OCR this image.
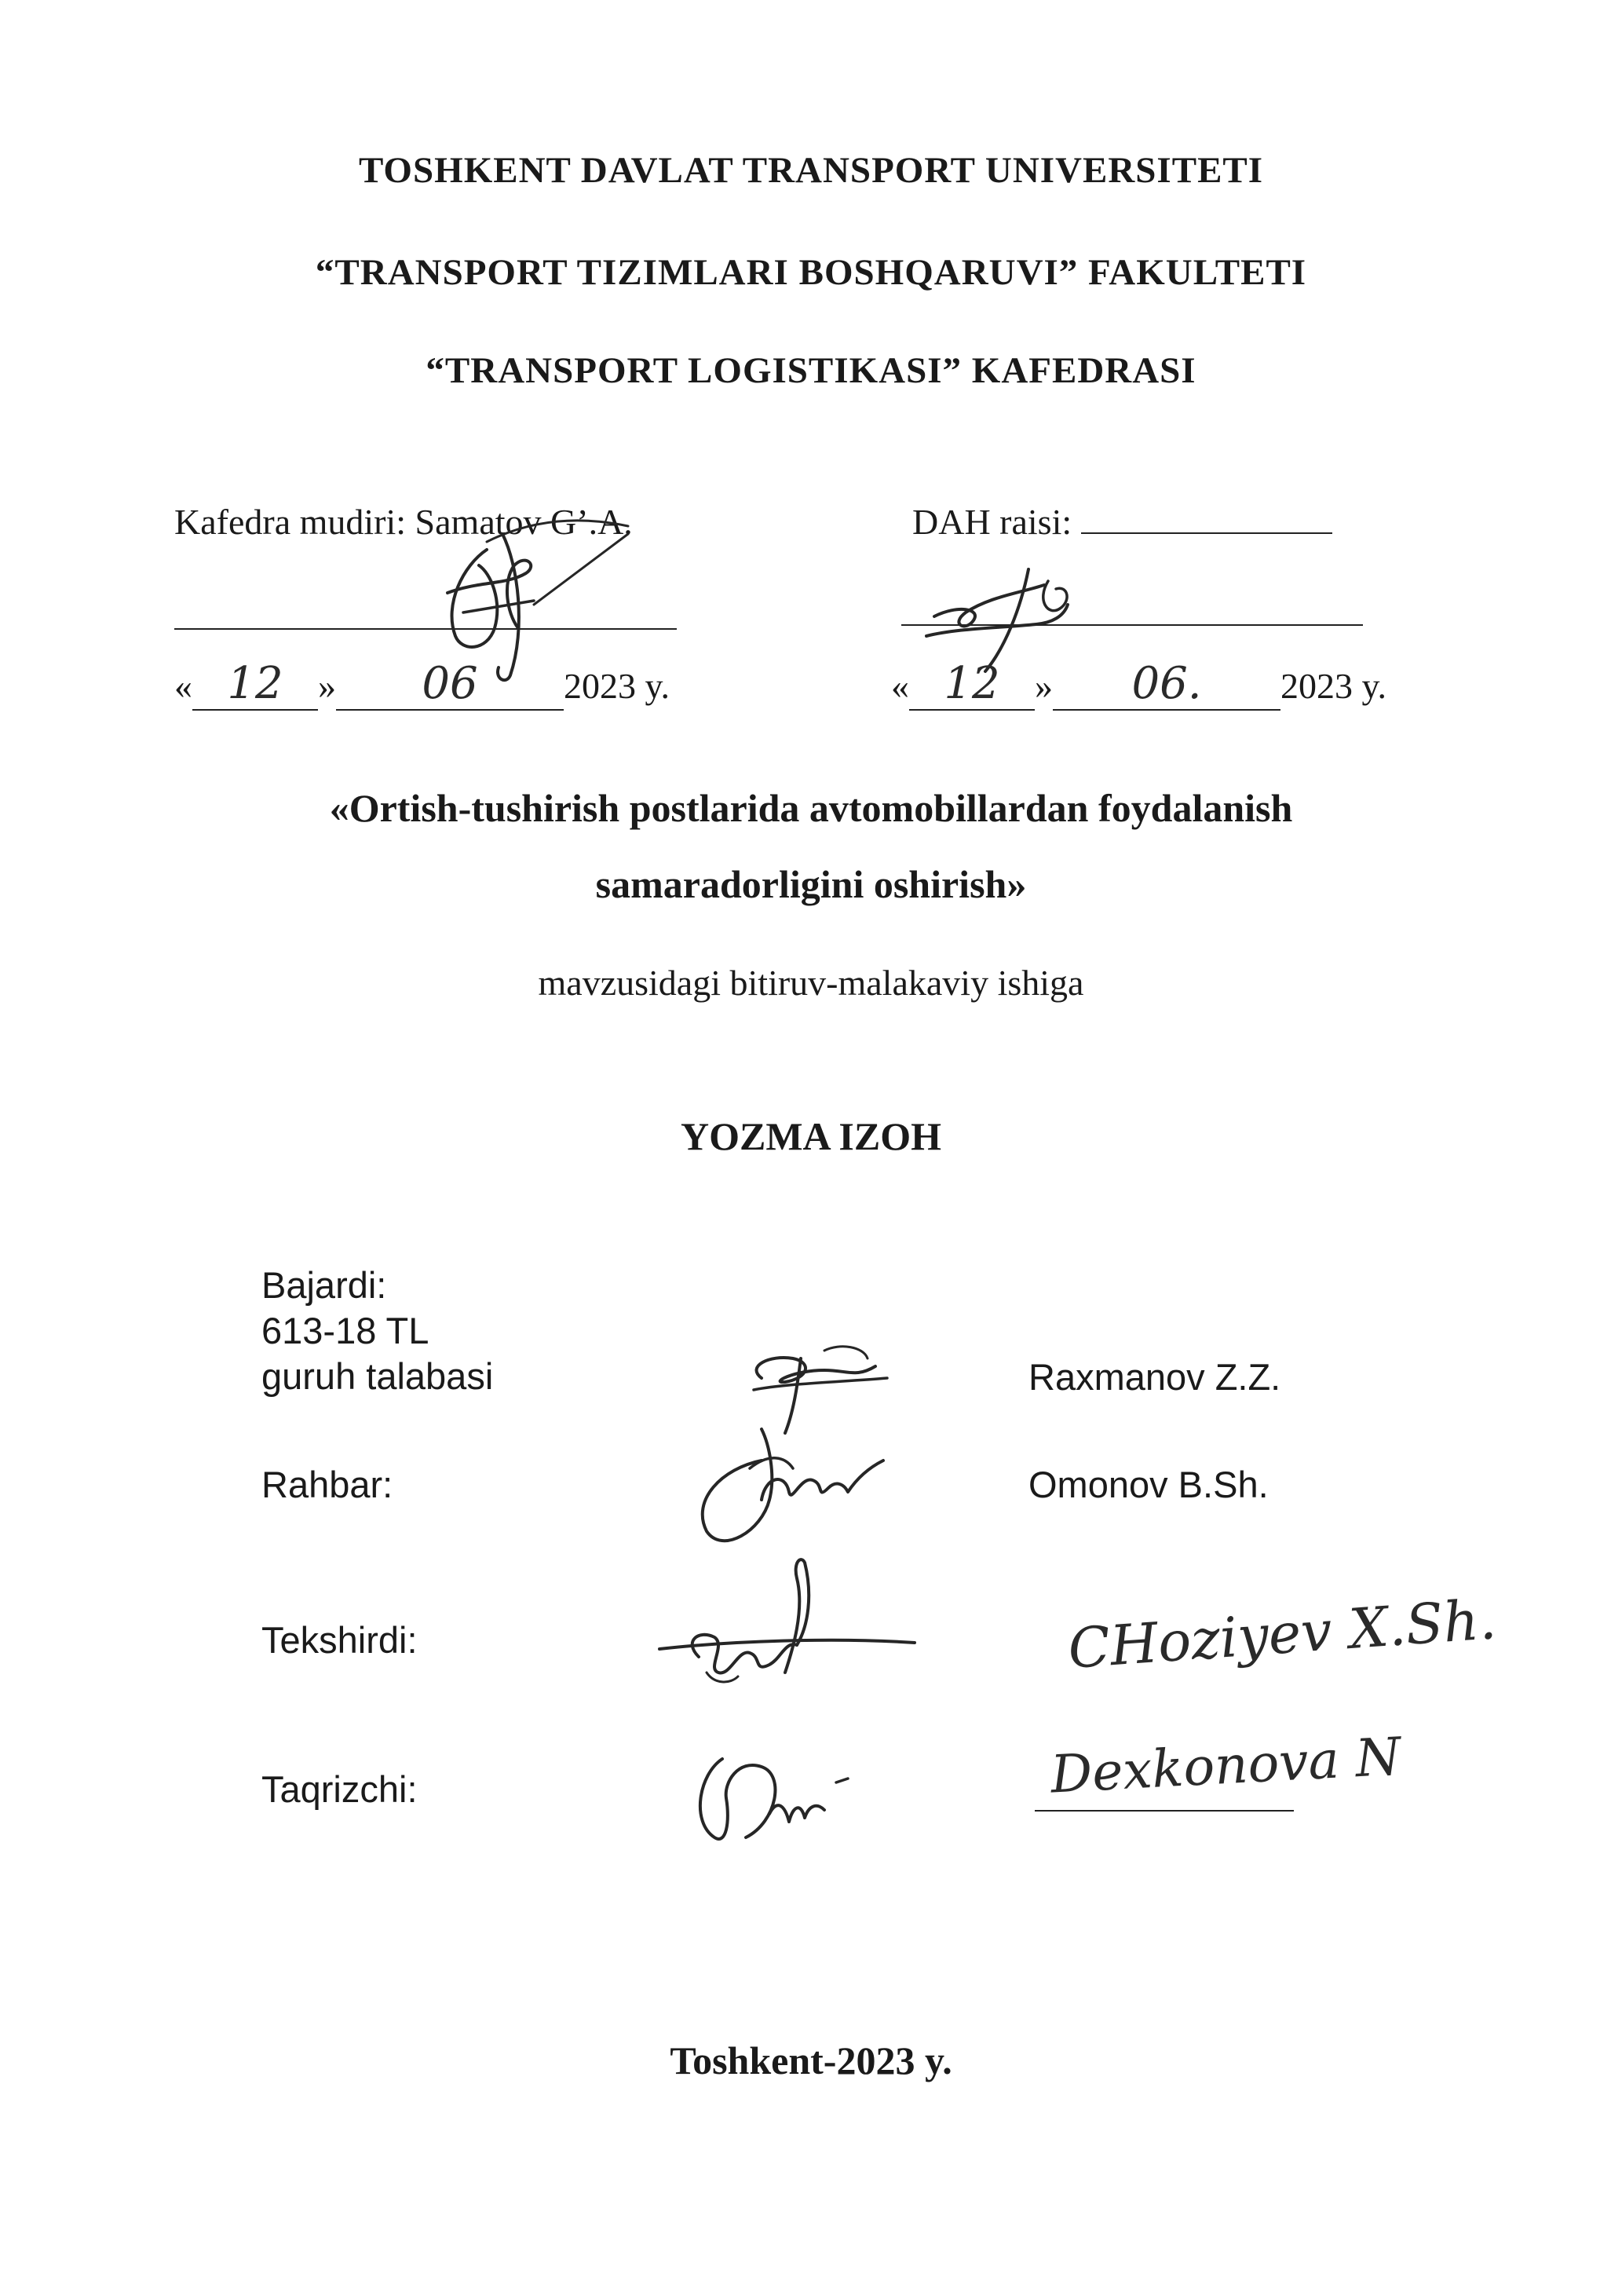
TOSHKENT DAVLAT TRANSPORT UNIVERSITETI
“TRANSPORT TIZIMLARI BOSHQARUVI” FAKULTETI
“TRANSPORT LOGISTIKASI” KAFEDRASI
Kafedra mudiri: Samatov G’.A.
« 12 » 06 2023 y.
DAH raisi:
« 12 » 06. 2023 y.
«Ortish-tushirish postlarida avtomobillardan foydalanish
samaradorligini oshirish»
mavzusidagi bitiruv-malakaviy ishiga
YOZMA IZOH
Bajardi:
613-18 TL
guruh talabasi	Raxmanov Z.Z.
Rahbar:	Omonov B.Sh.
Tekshirdi:	CHoziyev X.Sh.
Taqrizchi:	Dexkonova N
Toshkent-2023 y.
